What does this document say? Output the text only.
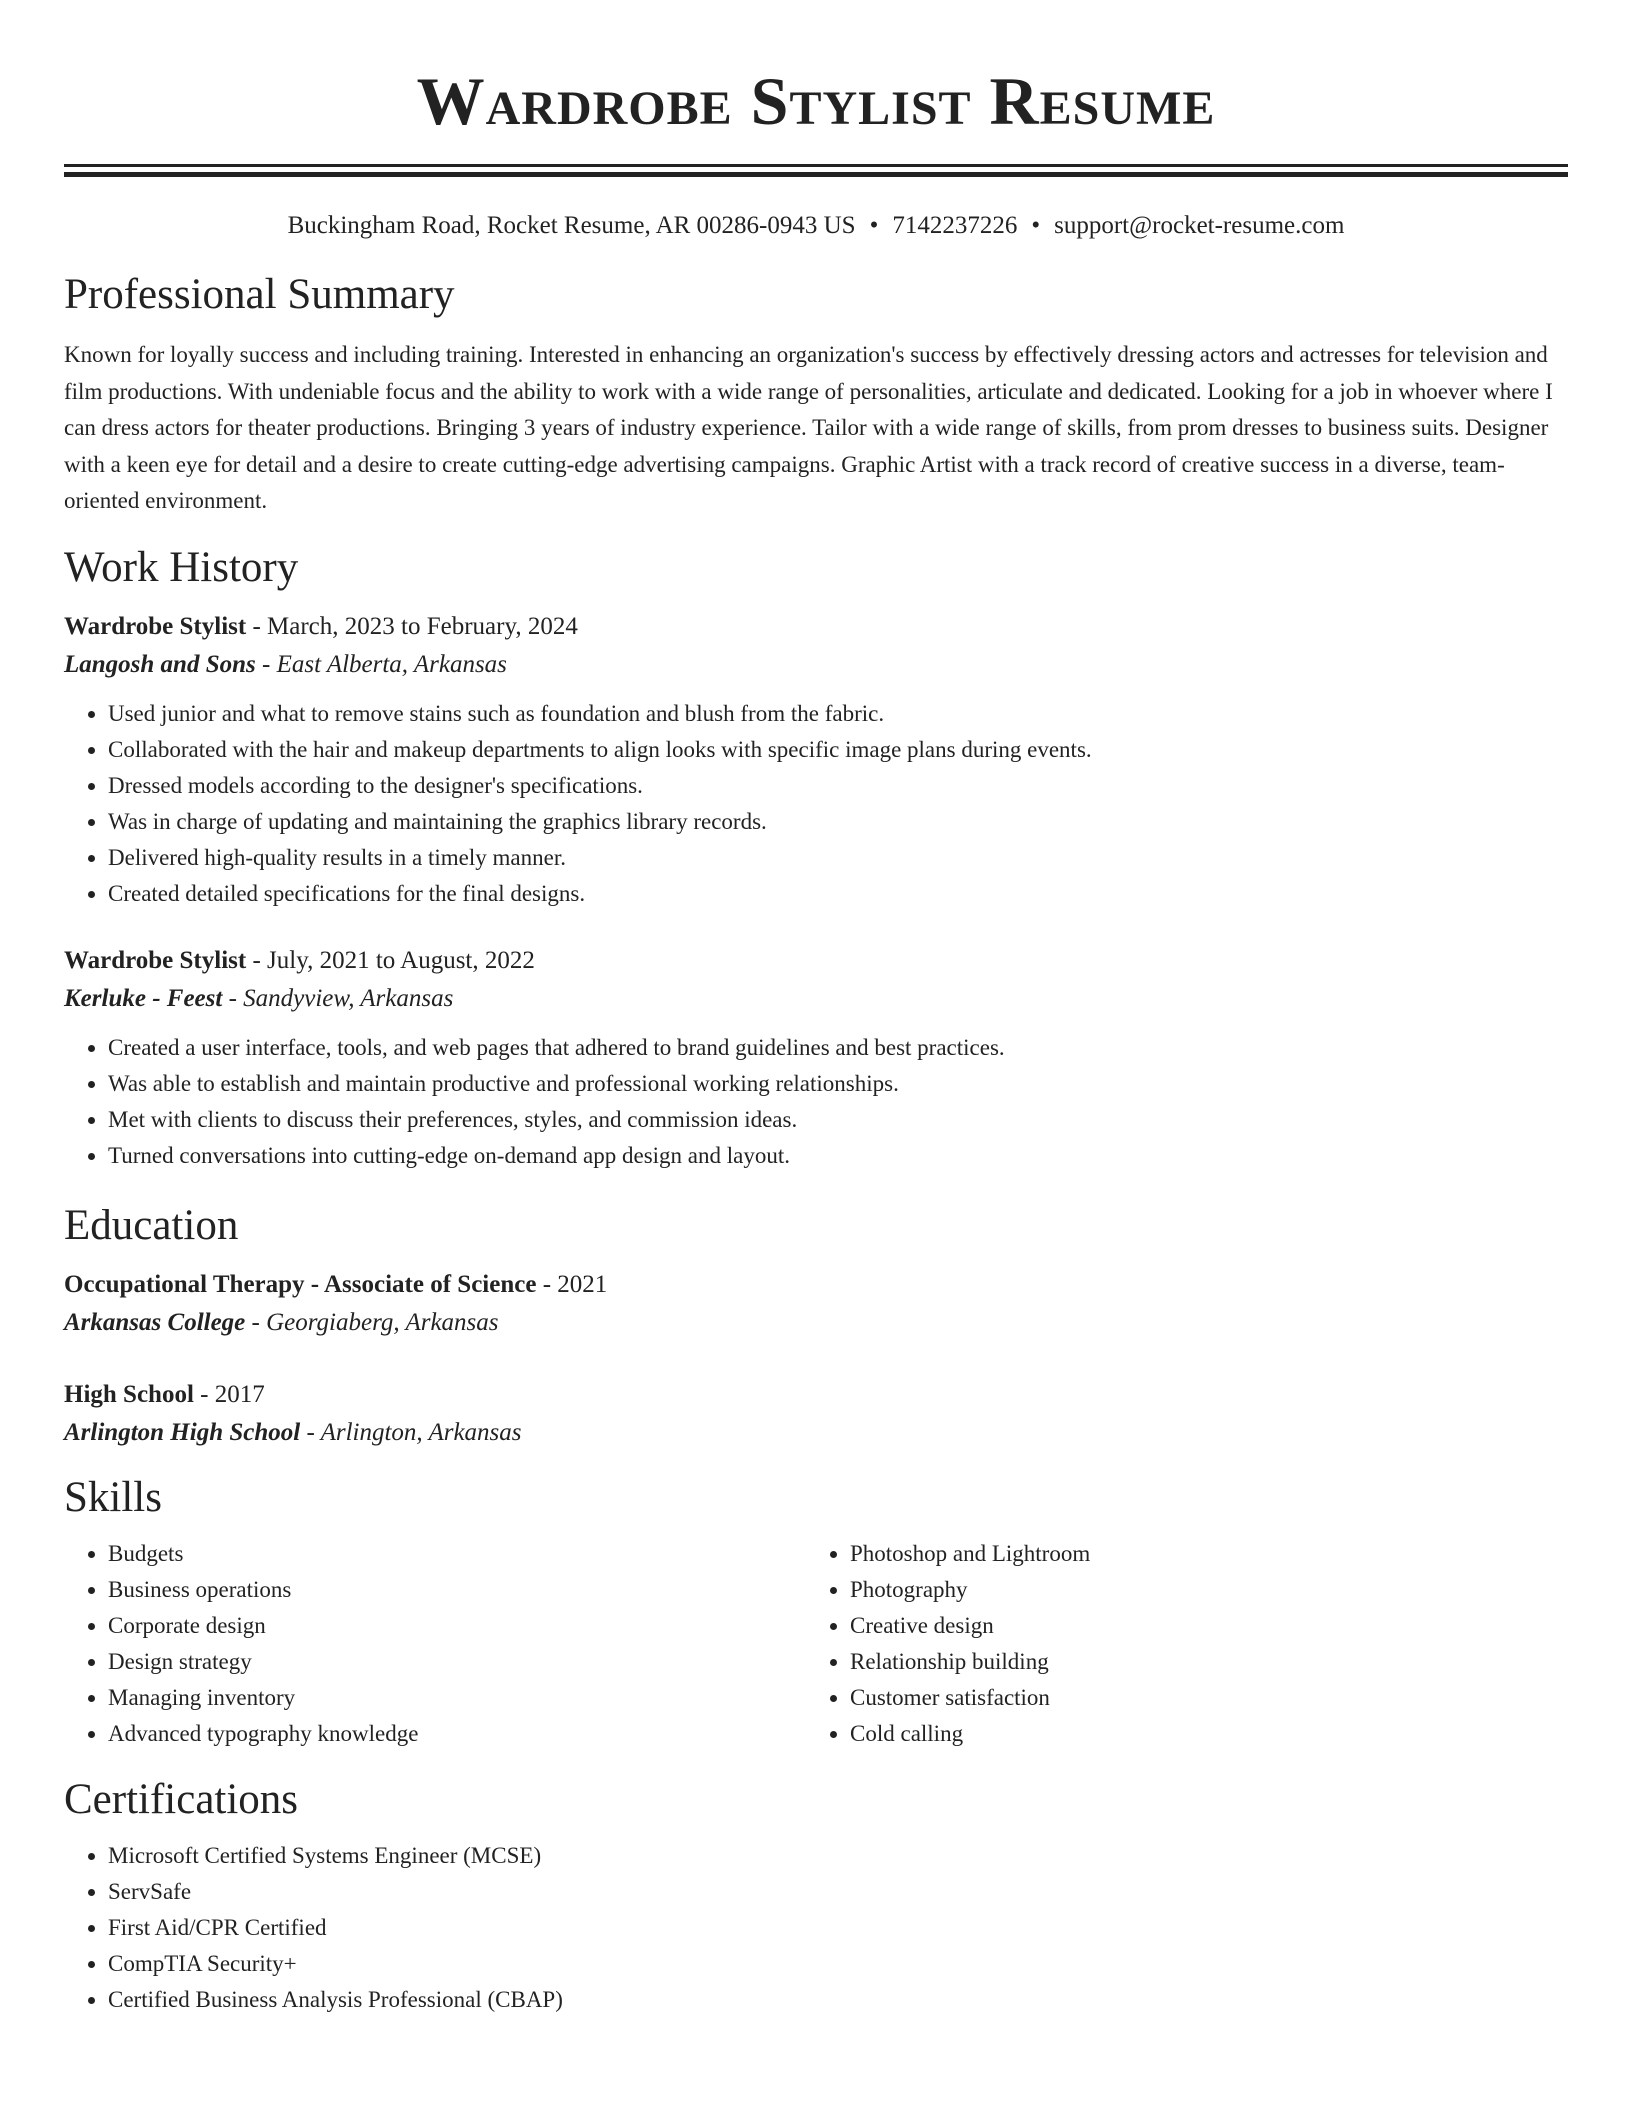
Wardrobe Stylist Resume
Buckingham Road, Rocket Resume, AR 00286-0943 US • 7142237226 • support@rocket-resume.com
Professional Summary

Known for loyally success and including training. Interested in enhancing an organization's success by effectively dressing actors and actresses for television and film productions. With undeniable focus and the ability to work with a wide range of personalities, articulate and dedicated. Looking for a job in whoever where I can dress actors for theater productions. Bringing 3 years of industry experience. Tailor with a wide range of skills, from prom dresses to business suits. Designer with a keen eye for detail and a desire to create cutting-edge advertising campaigns. Graphic Artist with a track record of creative success in a diverse, team-oriented environment.

Work History
Wardrobe Stylist - March, 2023 to February, 2024
Langosh and Sons - East Alberta, Arkansas
• Used junior and what to remove stains such as foundation and blush from the fabric.
• Collaborated with the hair and makeup departments to align looks with specific image plans during events.
• Dressed models according to the designer's specifications.
• Was in charge of updating and maintaining the graphics library records.
• Delivered high-quality results in a timely manner.
• Created detailed specifications for the final designs.
Wardrobe Stylist - July, 2021 to August, 2022
Kerluke - Feest - Sandyview, Arkansas
• Created a user interface, tools, and web pages that adhered to brand guidelines and best practices.
• Was able to establish and maintain productive and professional working relationships.
• Met with clients to discuss their preferences, styles, and commission ideas.
• Turned conversations into cutting-edge on-demand app design and layout.
Education
Occupational Therapy - Associate of Science - 2021
Arkansas College - Georgiaberg, Arkansas
High School - 2017
Arlington High School - Arlington, Arkansas
Skills
• Budgets
• Business operations
• Corporate design
• Design strategy
• Managing inventory
• Advanced typography knowledge
• Photoshop and Lightroom
• Photography
• Creative design
• Relationship building
• Customer satisfaction
• Cold calling
Certifications
• Microsoft Certified Systems Engineer (MCSE)
• ServSafe
• First Aid/CPR Certified
• CompTIA Security+
• Certified Business Analysis Professional (CBAP)
